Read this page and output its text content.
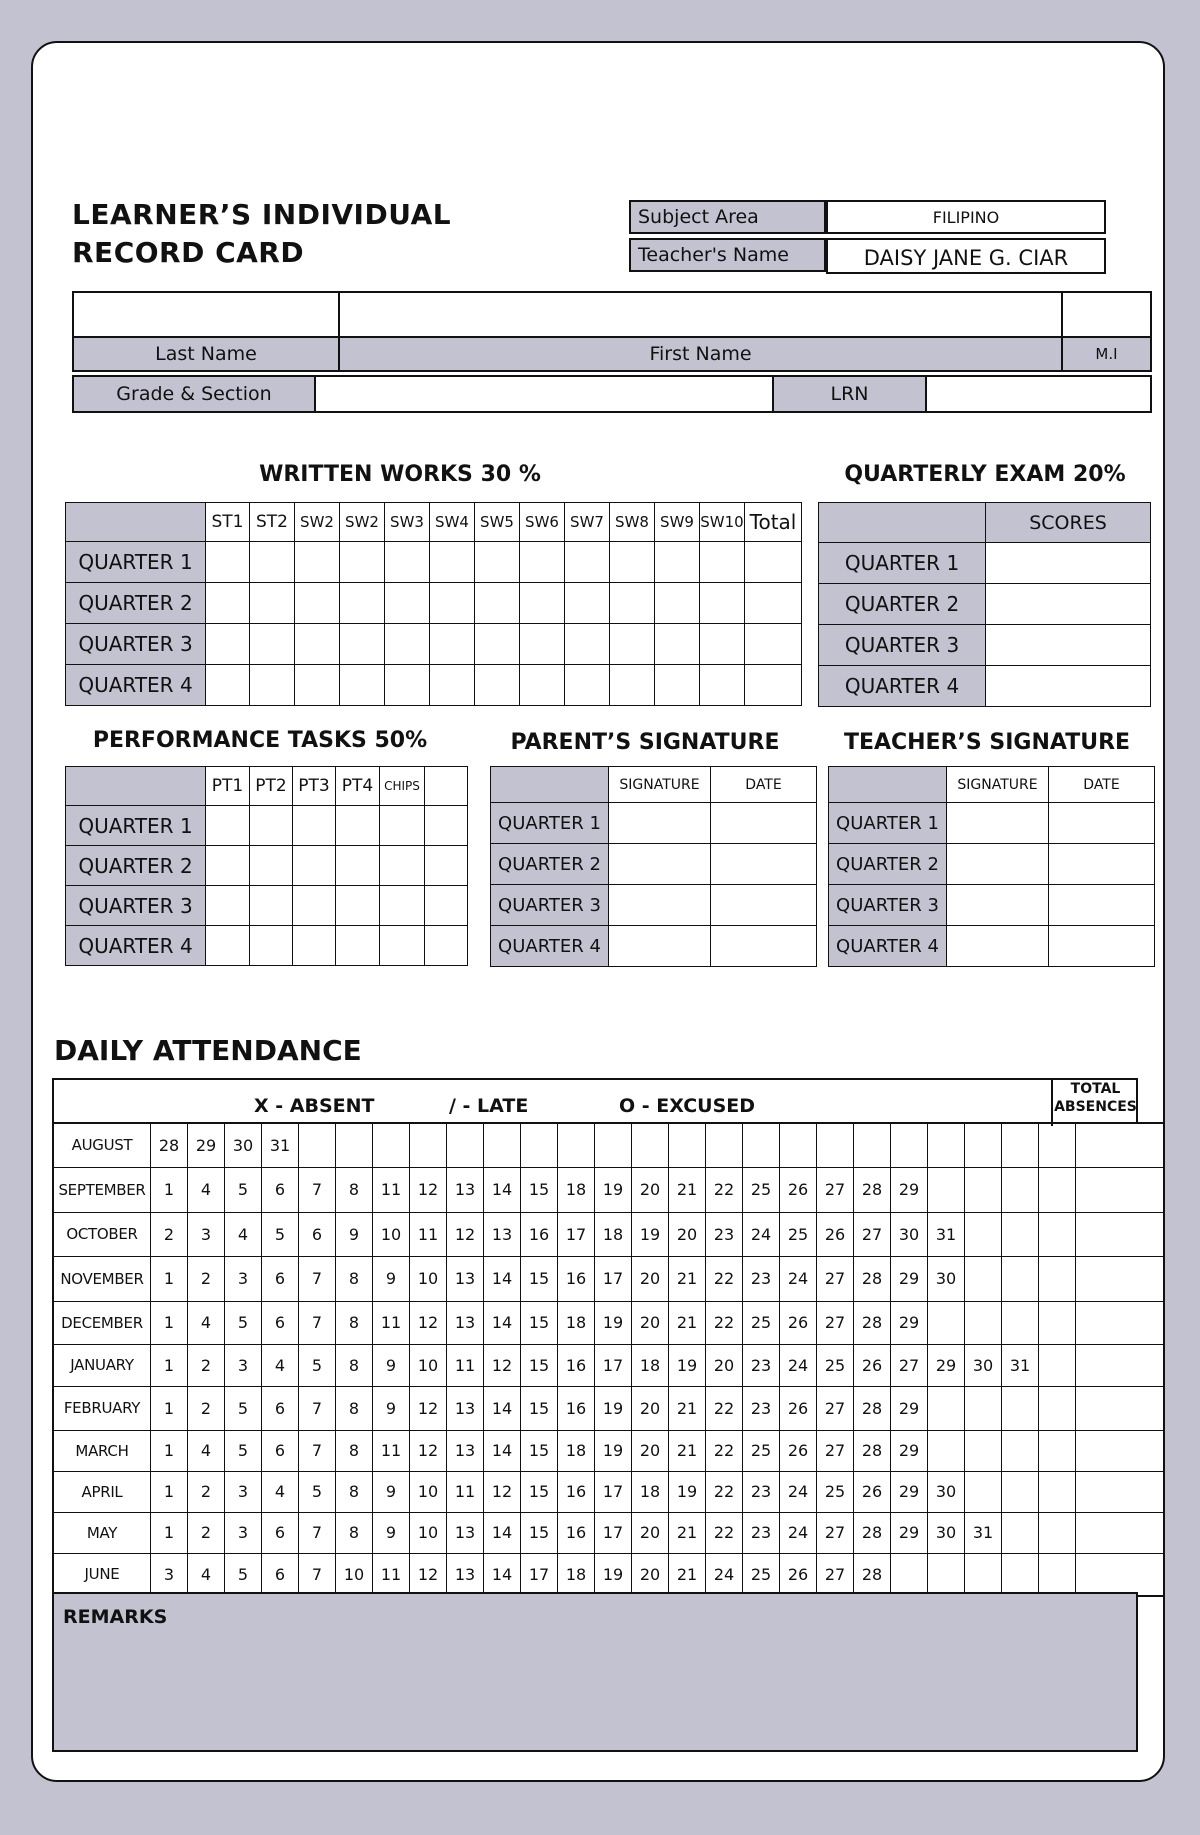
LEARNER’S INDIVIDUAL
RECORD CARD
Subject Area	FILIPINO
Teacher's Name	DAISY JANE G. CIAR
Last Name	First Name	M.I
Grade & Section	LRN
WRITTEN WORKS 30 %
	ST1	ST2	SW2	SW2	SW3	SW4	SW5	SW6	SW7	SW8	SW9	SW10	Total
QUARTER 1													
QUARTER 2													
QUARTER 3													
QUARTER 4													
QUARTERLY EXAM 20%
	SCORES
QUARTER 1	
QUARTER 2	
QUARTER 3	
QUARTER 4	
PERFORMANCE TASKS 50%
	PT1	PT2	PT3	PT4	CHIPS	
QUARTER 1						
QUARTER 2						
QUARTER 3						
QUARTER 4						
PARENT’S SIGNATURE
	SIGNATURE	DATE
QUARTER 1		
QUARTER 2		
QUARTER 3		
QUARTER 4		
TEACHER’S SIGNATURE
	SIGNATURE	DATE
QUARTER 1		
QUARTER 2		
QUARTER 3		
QUARTER 4		
DAILY ATTENDANCE
X - ABSENT	/ - LATE	O - EXCUSED
TOTAL
ABSENCES
AUGUST	28	29	30	31																						
SEPTEMBER	1	4	5	6	7	8	11	12	13	14	15	18	19	20	21	22	25	26	27	28	29					
OCTOBER	2	3	4	5	6	9	10	11	12	13	16	17	18	19	20	23	24	25	26	27	30	31				
NOVEMBER	1	2	3	6	7	8	9	10	13	14	15	16	17	20	21	22	23	24	27	28	29	30				
DECEMBER	1	4	5	6	7	8	11	12	13	14	15	18	19	20	21	22	25	26	27	28	29					
JANUARY	1	2	3	4	5	8	9	10	11	12	15	16	17	18	19	20	23	24	25	26	27	29	30	31		
FEBRUARY	1	2	5	6	7	8	9	12	13	14	15	16	19	20	21	22	23	26	27	28	29					
MARCH	1	4	5	6	7	8	11	12	13	14	15	18	19	20	21	22	25	26	27	28	29					
APRIL	1	2	3	4	5	8	9	10	11	12	15	16	17	18	19	22	23	24	25	26	29	30				
MAY	1	2	3	6	7	8	9	10	13	14	15	16	17	20	21	22	23	24	27	28	29	30	31			
JUNE	3	4	5	6	7	10	11	12	13	14	17	18	19	20	21	24	25	26	27	28						
REMARKS
